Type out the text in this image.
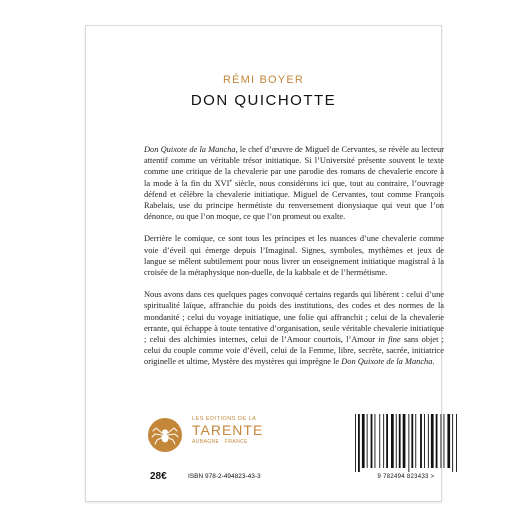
RÉMI BOYER
DON QUICHOTTE

Don Quixote de la Mancha, le chef d’œuvre de Miguel de Cervantes, se révèle au lecteur attentif comme un véritable trésor initiatique. Si l’Université présente souvent le texte comme une critique de la chevalerie par une parodie des romans de chevalerie encore à la mode à la fin du XVIe siècle, nous considérons ici que, tout au contraire, l’ouvrage défend et célèbre la chevalerie initiatique. Miguel de Cervantes, tout comme François Rabelais, use du principe hermétiste du renversement dionysiaque qui veut que l’on dénonce, ou que l’on moque, ce que l’on promeut ou exalte.

Derrière le comique, ce sont tous les principes et les nuances d’une chevalerie comme voie d’éveil qui émerge depuis l’Imaginal. Signes, symboles, mythèmes et jeux de langue se mêlent subtilement pour nous livrer un enseignement initiatique magistral à la croisée de la métaphysique non-duelle, de la kabbale et de l’hermétisme.

Nous avons dans ces quelques pages convoqué certains regards qui libèrent : celui d’une spiritualité laïque, affranchie du poids des institutions, des codes et des normes de la mondanité ; celui du voyage initiatique, une folie qui affranchit ; celui de la chevalerie errante, qui échappe à toute tentative d’organisation, seule véritable chevalerie initiatique ; celui des alchimies internes, celui de l’Amour courtois, l’Amour in fine sans objet ; celui du couple comme voie d’éveil, celui de la Femme, libre, secrète, sacrée, initiatrice originelle et ultime, Mystère des mystères qui imprègne le Don Quixote de la Mancha.

LES ÉDITIONS DE LA
TARENTE
AUBAGNE · FRANCE
28€	ISBN 978-2-494823-43-3	9 782494 823433 >
